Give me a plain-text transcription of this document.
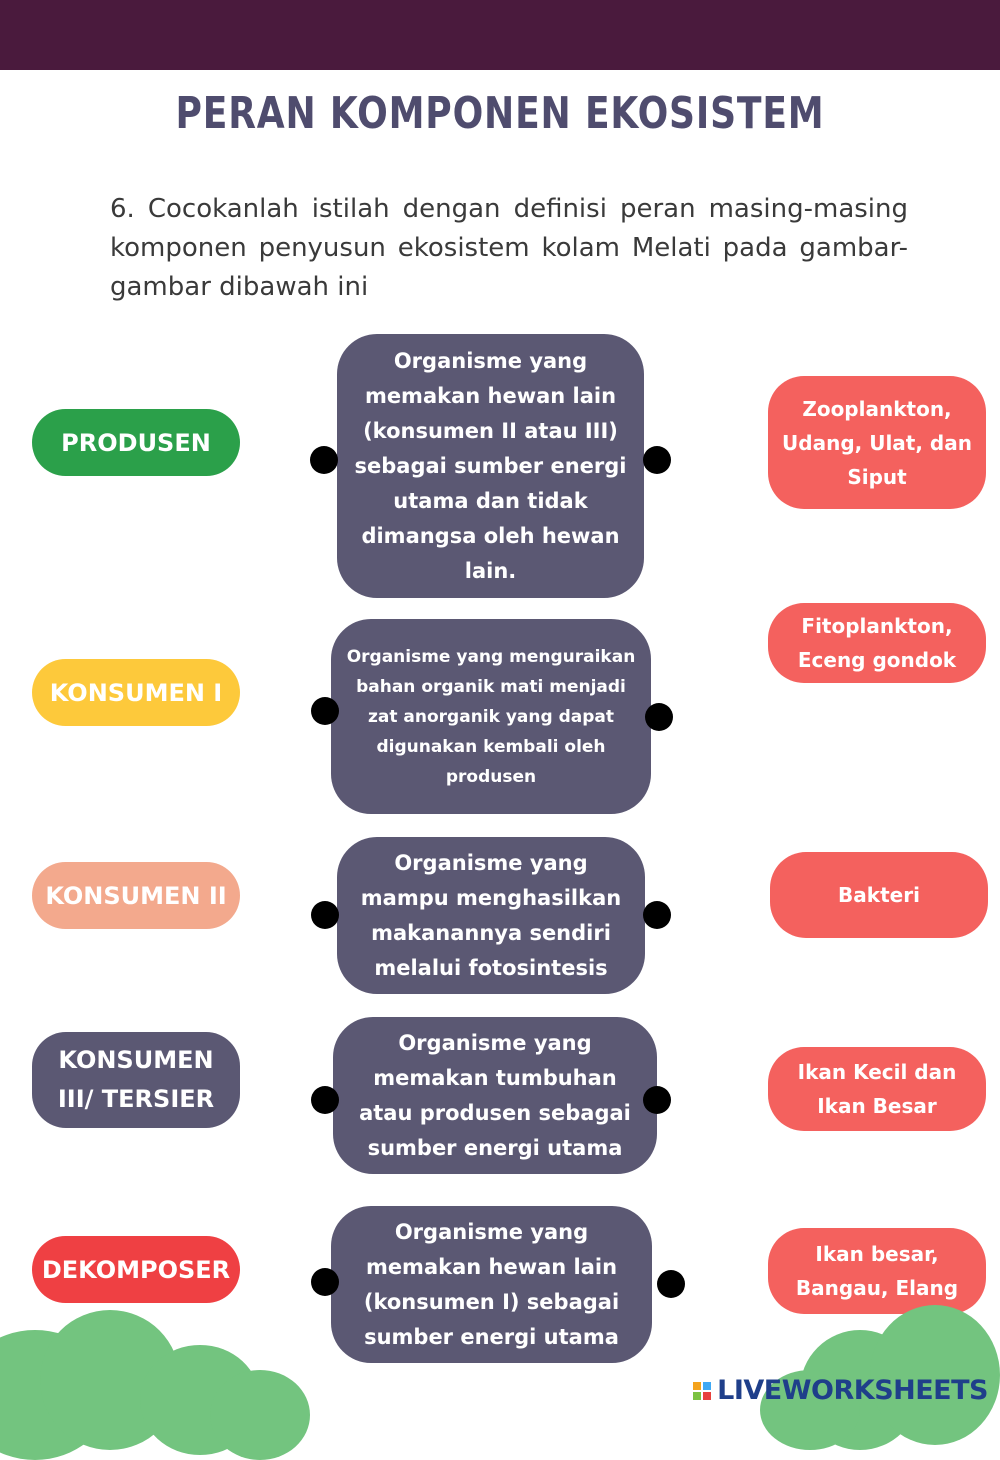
PERAN KOMPONEN EKOSISTEM
6. Cocokanlah istilah dengan definisi peran masing-masing komponen penyusun ekosistem kolam Melati pada gambar-gambar dibawah ini
PRODUSEN
KONSUMEN I
KONSUMEN II
KONSUMEN III/ TERSIER
DEKOMPOSER
Organisme yang memakan hewan lain (konsumen II atau III) sebagai sumber energi utama dan tidak dimangsa oleh hewan lain.
Organisme yang menguraikan bahan organik mati menjadi zat anorganik yang dapat digunakan kembali oleh produsen
Organisme yang mampu menghasilkan makanannya sendiri melalui fotosintesis
Organisme yang memakan tumbuhan atau produsen sebagai sumber energi utama
Organisme yang memakan hewan lain (konsumen I) sebagai sumber energi utama
Zooplankton, Udang, Ulat, dan Siput
Fitoplankton, Eceng gondok
Bakteri
Ikan Kecil dan Ikan Besar
Ikan besar, Bangau, Elang
LIVEWORKSHEETS
